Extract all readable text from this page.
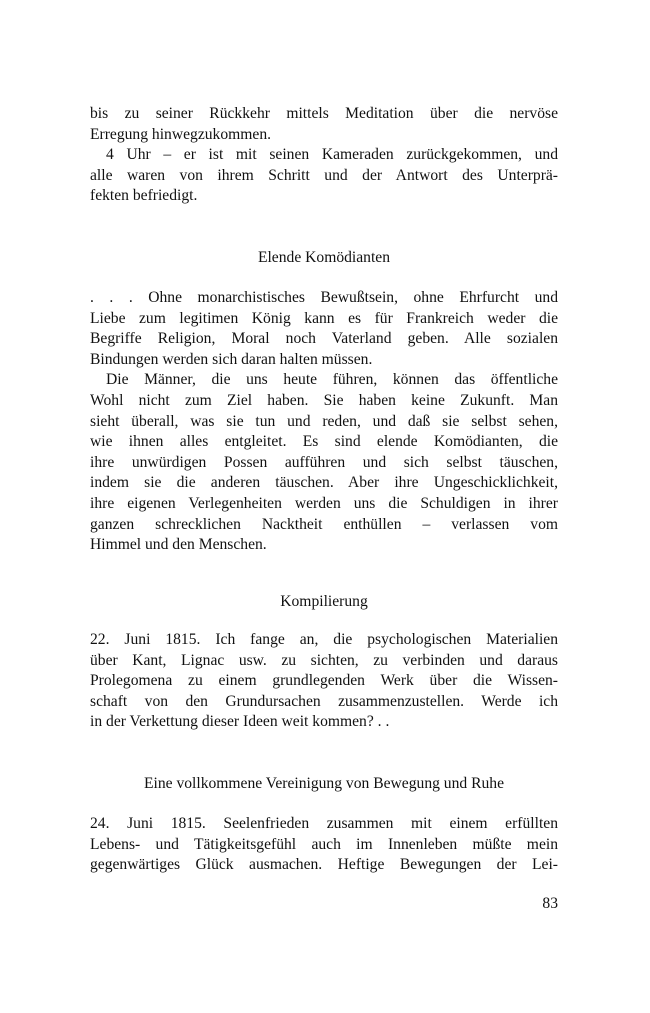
bis zu seiner Rückkehr mittels Meditation über die nervöse
Erregung hinwegzukommen.
4 Uhr – er ist mit seinen Kameraden zurückgekommen, und
alle waren von ihrem Schritt und der Antwort des Unterprä-
fekten befriedigt.
Elende Komödianten
. . . Ohne monarchistisches Bewußtsein, ohne Ehrfurcht und
Liebe zum legitimen König kann es für Frankreich weder die
Begriffe Religion, Moral noch Vaterland geben. Alle sozialen
Bindungen werden sich daran halten müssen.
Die Männer, die uns heute führen, können das öffentliche
Wohl nicht zum Ziel haben. Sie haben keine Zukunft. Man
sieht überall, was sie tun und reden, und daß sie selbst sehen,
wie ihnen alles entgleitet. Es sind elende Komödianten, die
ihre unwürdigen Possen aufführen und sich selbst täuschen,
indem sie die anderen täuschen. Aber ihre Ungeschicklichkeit,
ihre eigenen Verlegenheiten werden uns die Schuldigen in ihrer
ganzen schrecklichen Nacktheit enthüllen – verlassen vom
Himmel und den Menschen.
Kompilierung
22. Juni 1815. Ich fange an, die psychologischen Materialien
über Kant, Lignac usw. zu sichten, zu verbinden und daraus
Prolegomena zu einem grundlegenden Werk über die Wissen-
schaft von den Grundursachen zusammenzustellen. Werde ich
in der Verkettung dieser Ideen weit kommen? . .
Eine vollkommene Vereinigung von Bewegung und Ruhe
24. Juni 1815. Seelenfrieden zusammen mit einem erfüllten
Lebens- und Tätigkeitsgefühl auch im Innenleben müßte mein
gegenwärtiges Glück ausmachen. Heftige Bewegungen der Lei-
83
